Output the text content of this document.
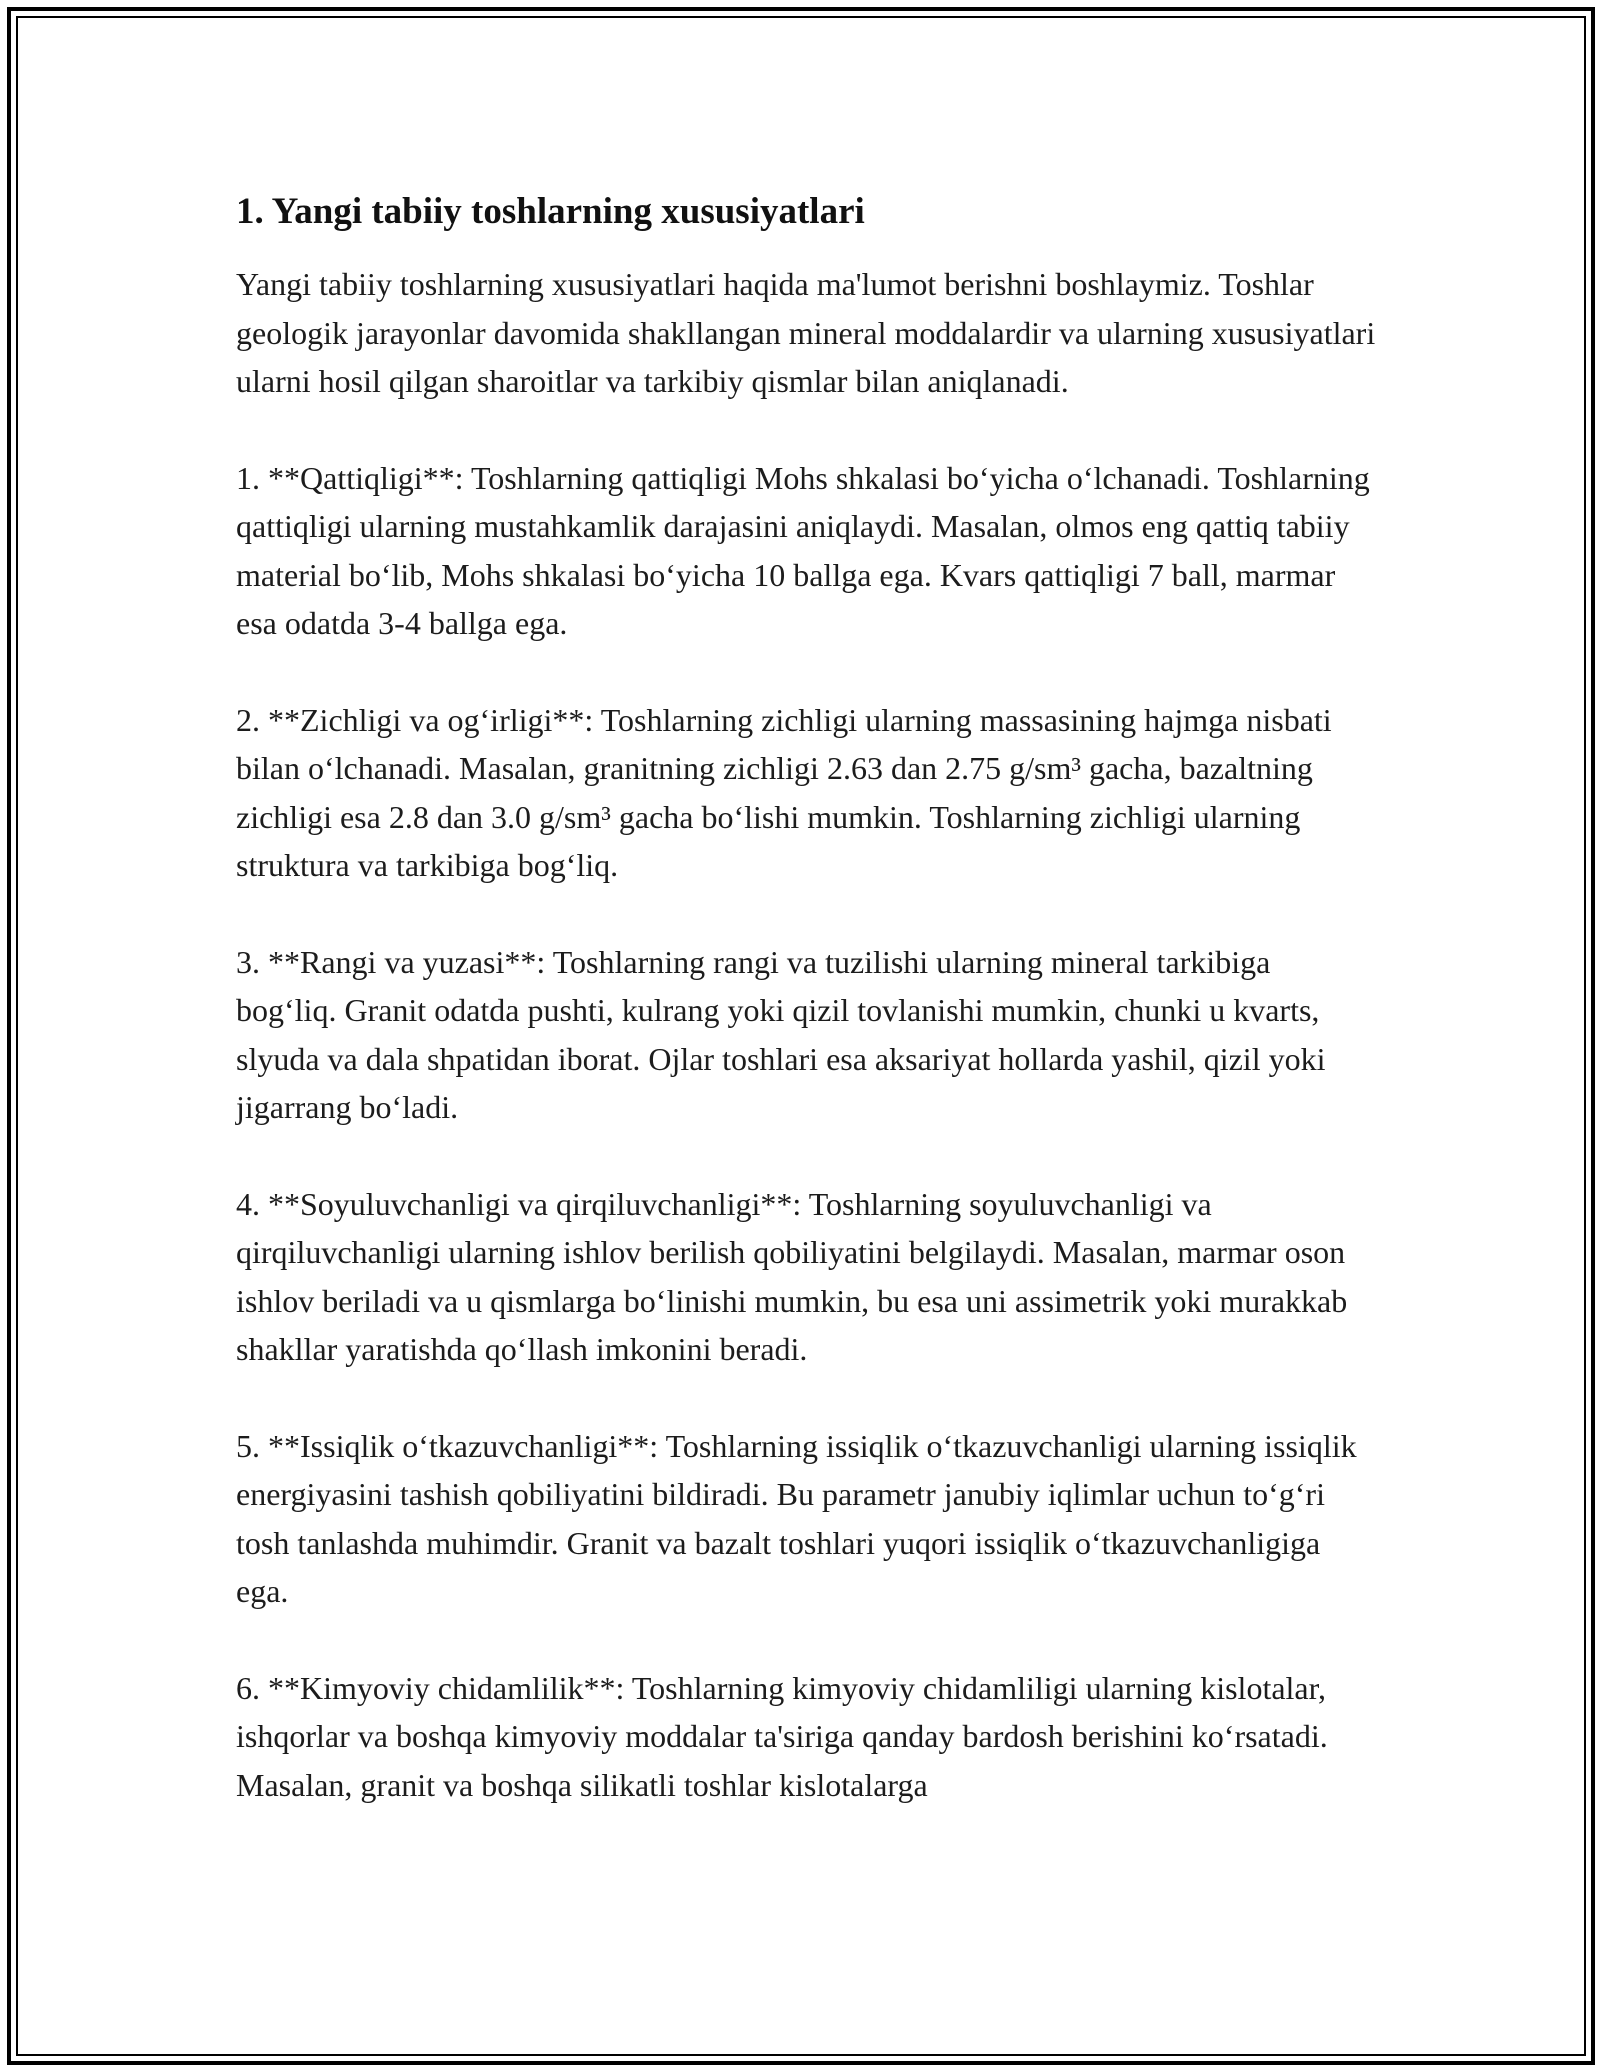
1. Yangi tabiiy toshlarning xususiyatlari

Yangi tabiiy toshlarning xususiyatlari haqida ma'lumot berishni boshlaymiz. Toshlar geologik jarayonlar davomida shakllangan mineral moddalardir va ularning xususiyatlari ularni hosil qilgan sharoitlar va tarkibiy qismlar bilan aniqlanadi.

1. **Qattiqligi**: Toshlarning qattiqligi Mohs shkalasi bo‘yicha o‘lchanadi. Toshlarning qattiqligi ularning mustahkamlik darajasini aniqlaydi. Masalan, olmos eng qattiq tabiiy material bo‘lib, Mohs shkalasi bo‘yicha 10 ballga ega. Kvars qattiqligi 7 ball, marmar esa odatda 3-4 ballga ega.

2. **Zichligi va og‘irligi**: Toshlarning zichligi ularning massasining hajmga nisbati bilan o‘lchanadi. Masalan, granitning zichligi 2.63 dan 2.75 g/sm³ gacha, bazaltning zichligi esa 2.8 dan 3.0 g/sm³ gacha bo‘lishi mumkin. Toshlarning zichligi ularning struktura va tarkibiga bog‘liq.

3. **Rangi va yuzasi**: Toshlarning rangi va tuzilishi ularning mineral tarkibiga bog‘liq. Granit odatda pushti, kulrang yoki qizil tovlanishi mumkin, chunki u kvarts, slyuda va dala shpatidan iborat. Ojlar toshlari esa aksariyat hollarda yashil, qizil yoki jigarrang bo‘ladi.

4. **Soyuluvchanligi va qirqiluvchanligi**: Toshlarning soyuluvchanligi va qirqiluvchanligi ularning ishlov berilish qobiliyatini belgilaydi. Masalan, marmar oson ishlov beriladi va u qismlarga bo‘linishi mumkin, bu esa uni assimetrik yoki murakkab shakllar yaratishda qo‘llash imkonini beradi.

5. **Issiqlik o‘tkazuvchanligi**: Toshlarning issiqlik o‘tkazuvchanligi ularning issiqlik energiyasini tashish qobiliyatini bildiradi. Bu parametr janubiy iqlimlar uchun to‘g‘ri tosh tanlashda muhimdir. Granit va bazalt toshlari yuqori issiqlik o‘tkazuvchanligiga ega.

6. **Kimyoviy chidamlilik**: Toshlarning kimyoviy chidamliligi ularning kislotalar, ishqorlar va boshqa kimyoviy moddalar ta'siriga qanday bardosh berishini ko‘rsatadi. Masalan, granit va boshqa silikatli toshlar kislotalarga
